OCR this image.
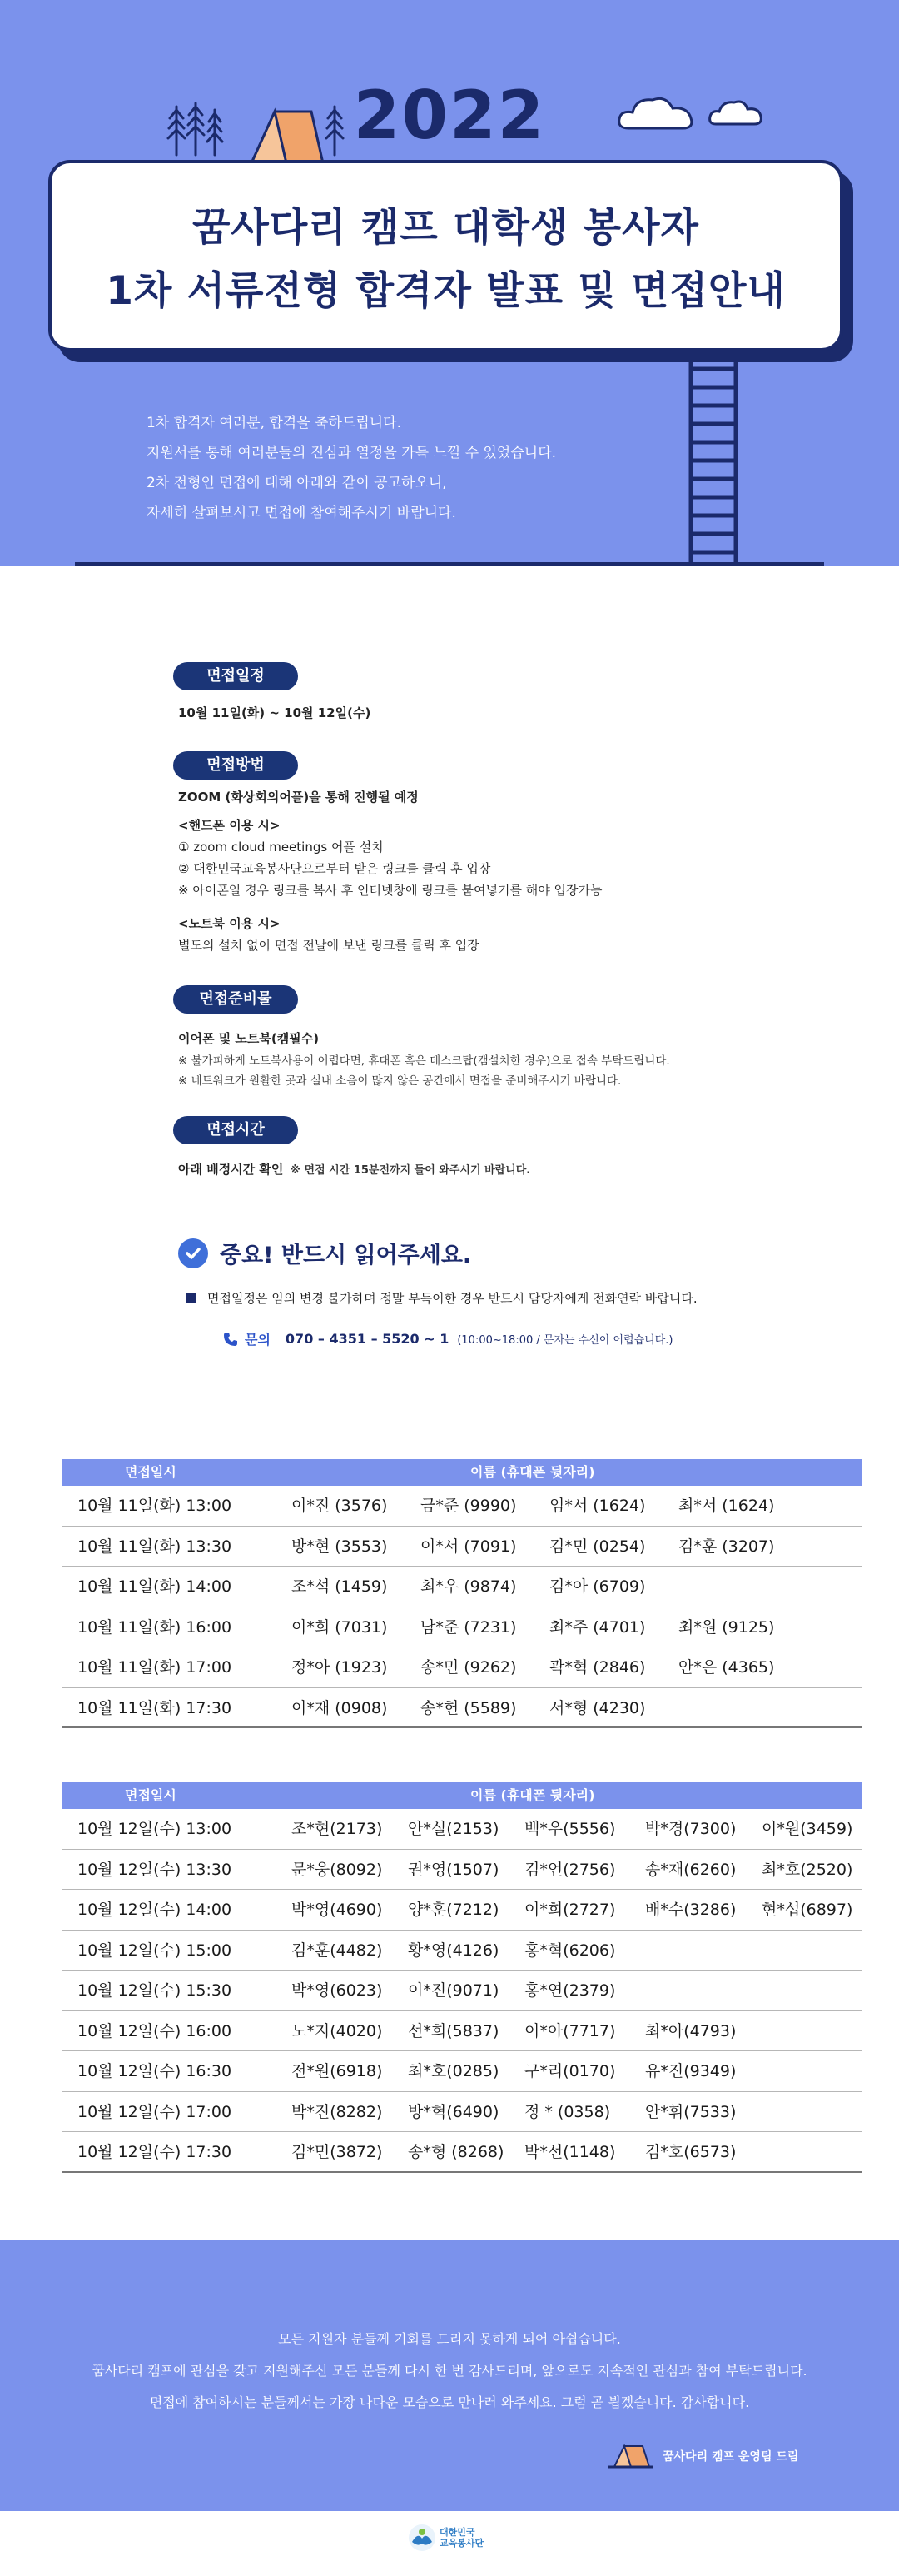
2022
꿈사다리 캠프 대학생 봉사자
1차 서류전형 합격자 발표 및 면접안내
1차 합격자 여러분, 합격을 축하드립니다.
지원서를 통해 여러분들의 진심과 열정을 가득 느낄 수 있었습니다.
2차 전형인 면접에 대해 아래와 같이 공고하오니,
자세히 살펴보시고 면접에 참여해주시기 바랍니다.
면접일정
10월 11일(화) ~ 10월 12일(수)
면접방법
ZOOM (화상회의어플)을 통해 진행될 예정
<핸드폰 이용 시>
① zoom cloud meetings 어플 설치
② 대한민국교육봉사단으로부터 받은 링크를 클릭 후 입장
※ 아이폰일 경우 링크를 복사 후 인터넷창에 링크를 붙여넣기를 해야 입장가능
<노트북 이용 시>
별도의 설치 없이 면접 전날에 보낸 링크를 클릭 후 입장
면접준비물
이어폰 및 노트북(캠필수)
※ 불가피하게 노트북사용이 어렵다면, 휴대폰 혹은 데스크탑(캠설치한 경우)으로 접속 부탁드립니다.
※ 네트워크가 원활한 곳과 실내 소음이 많지 않은 공간에서 면접을 준비해주시기 바랍니다.
면접시간
아래 배정시간 확인 ※ 면접 시간 15분전까지 들어 와주시기 바랍니다.
중요! 반드시 읽어주세요.
면접일정은 임의 변경 불가하며 정말 부득이한 경우 반드시 담당자에게 전화연락 바랍니다.
문의 070 – 4351 – 5520 ~ 1 (10:00~18:00 / 문자는 수신이 어렵습니다.)
면접일시	이름 (휴대폰 뒷자리)
10월 11일(화) 13:00	이*진 (3576) 금*준 (9990) 임*서 (1624) 최*서 (1624)
10월 11일(화) 13:30	방*현 (3553) 이*서 (7091) 김*민 (0254) 김*훈 (3207)
10월 11일(화) 14:00	조*석 (1459) 최*우 (9874) 김*아 (6709)
10월 11일(화) 16:00	이*희 (7031) 남*준 (7231) 최*주 (4701) 최*원 (9125)
10월 11일(화) 17:00	정*아 (1923) 송*민 (9262) 곽*혁 (2846) 안*은 (4365)
10월 11일(화) 17:30	이*재 (0908) 송*헌 (5589) 서*형 (4230)
면접일시	이름 (휴대폰 뒷자리)
10월 12일(수) 13:00	조*현(2173) 안*실(2153) 백*우(5556) 박*경(7300) 이*원(3459)
10월 12일(수) 13:30	문*웅(8092) 권*영(1507) 김*언(2756) 송*재(6260) 최*호(2520)
10월 12일(수) 14:00	박*영(4690) 양*훈(7212) 이*희(2727) 배*수(3286) 현*섭(6897)
10월 12일(수) 15:00	김*훈(4482) 황*영(4126) 홍*혁(6206)
10월 12일(수) 15:30	박*영(6023) 이*진(9071) 홍*연(2379)
10월 12일(수) 16:00	노*지(4020) 선*희(5837) 이*아(7717) 최*아(4793)
10월 12일(수) 16:30	전*원(6918) 최*호(0285) 구*리(0170) 유*진(9349)
10월 12일(수) 17:00	박*진(8282) 방*혁(6490) 정 * (0358) 안*휘(7533)
10월 12일(수) 17:30	김*민(3872) 송*형 (8268) 박*선(1148) 김*호(6573)
모든 지원자 분들께 기회를 드리지 못하게 되어 아쉽습니다.
꿈사다리 캠프에 관심을 갖고 지원해주신 모든 분들께 다시 한 번 감사드리며, 앞으로도 지속적인 관심과 참여 부탁드립니다.
면접에 참여하시는 분들께서는 가장 나다운 모습으로 만나러 와주세요. 그럼 곧 뵙겠습니다. 감사합니다.
꿈사다리 캠프 운영팀 드림
대한민국
교육봉사단
